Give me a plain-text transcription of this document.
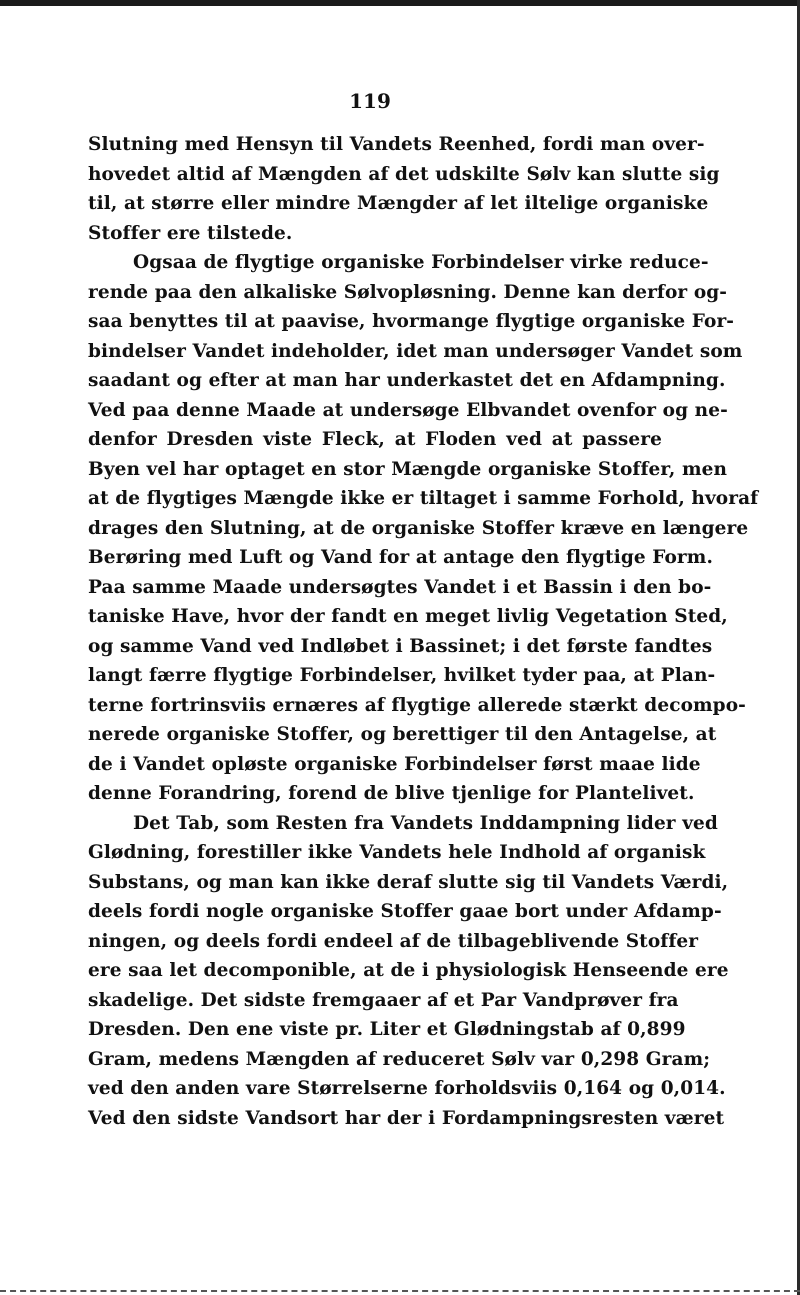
119
Slutning med Hensyn til Vandets Reenhed, fordi man over-
hovedet altid af Mængden af det udskilte Sølv kan slutte sig
til, at større eller mindre Mængder af let iltelige organiske
Stoffer ere tilstede.
Ogsaa de flygtige organiske Forbindelser virke reduce-
rende paa den alkaliske Sølvopløsning. Denne kan derfor og-
saa benyttes til at paavise, hvormange flygtige organiske For-
bindelser Vandet indeholder, idet man undersøger Vandet som
saadant og efter at man har underkastet det en Afdampning.
Ved paa denne Maade at undersøge Elbvandet ovenfor og ne-
denfor Dresden viste Fleck, at Floden ved at passere
Byen vel har optaget en stor Mængde organiske Stoffer, men
at de flygtiges Mængde ikke er tiltaget i samme Forhold, hvoraf
drages den Slutning, at de organiske Stoffer kræve en længere
Berøring med Luft og Vand for at antage den flygtige Form.
Paa samme Maade undersøgtes Vandet i et Bassin i den bo-
taniske Have, hvor der fandt en meget livlig Vegetation Sted,
og samme Vand ved Indløbet i Bassinet; i det første fandtes
langt færre flygtige Forbindelser, hvilket tyder paa, at Plan-
terne fortrinsviis ernæres af flygtige allerede stærkt decompo-
nerede organiske Stoffer, og berettiger til den Antagelse, at
de i Vandet opløste organiske Forbindelser først maae lide
denne Forandring, forend de blive tjenlige for Plantelivet.
Det Tab, som Resten fra Vandets Inddampning lider ved
Glødning, forestiller ikke Vandets hele Indhold af organisk
Substans, og man kan ikke deraf slutte sig til Vandets Værdi,
deels fordi nogle organiske Stoffer gaae bort under Afdamp-
ningen, og deels fordi endeel af de tilbageblivende Stoffer
ere saa let decomponible, at de i physiologisk Henseende ere
skadelige. Det sidste fremgaaer af et Par Vandprøver fra
Dresden. Den ene viste pr. Liter et Glødningstab af 0,899
Gram, medens Mængden af reduceret Sølv var 0,298 Gram;
ved den anden vare Størrelserne forholdsviis 0,164 og 0,014.
Ved den sidste Vandsort har der i Fordampningsresten været
